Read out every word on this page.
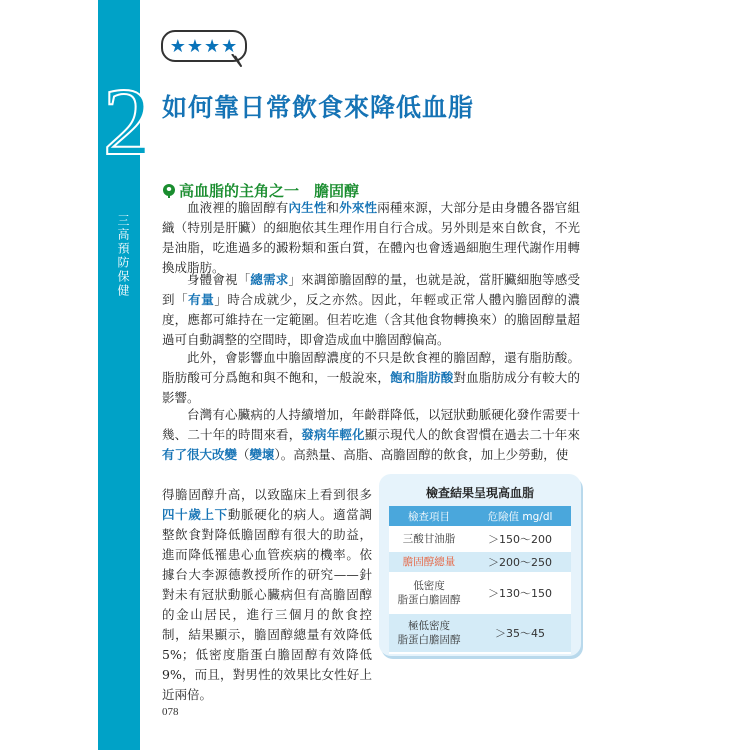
2
三高預防保健
★★★★
如何靠日常飲食來降低血脂
高血脂的主角之一　膽固醇

血液裡的膽固醇有內生性和外來性兩種來源，大部分是由身體各器官組織（特別是肝臟）的細胞依其生理作用自行合成。另外則是來自飲食，不光是油脂，吃進過多的澱粉類和蛋白質，在體內也會透過細胞生理代謝作用轉換成脂肪。

身體會視「總需求」來調節膽固醇的量，也就是說，當肝臟細胞等感受到「有量」時合成就少，反之亦然。因此，年輕或正常人體內膽固醇的濃度，應都可維持在一定範圍。但若吃進（含其他食物轉換來）的膽固醇量超過可自動調整的空間時，即會造成血中膽固醇偏高。

此外，會影響血中膽固醇濃度的不只是飲食裡的膽固醇，還有脂肪酸。脂肪酸可分爲飽和與不飽和，一般說來，飽和脂肪酸對血脂肪成分有較大的影響。

台灣有心臟病的人持續增加，年齡群降低，以冠狀動脈硬化發作需要十幾、二十年的時間來看，發病年輕化顯示現代人的飲食習慣在過去二十年來有了很大改變（變壞）。高熱量、高脂、高膽固醇的飲食，加上少勞動，使

得膽固醇升高，以致臨床上看到很多四十歲上下動脈硬化的病人。適當調整飲食對降低膽固醇有很大的助益，進而降低罹患心血管疾病的機率。依據台大李源德教授所作的研究——針對未有冠狀動脈心臟病但有高膽固醇的金山居民，進行三個月的飲食控制，結果顯示，膽固醇總量有效降低5%；低密度脂蛋白膽固醇有效降低9%，而且，對男性的效果比女性好上近兩倍。

檢查結果呈現高血脂
檢查項目	危險值 mg/dl
三酸甘油脂	＞150～200
膽固醇總量	＞200～250
低密度
脂蛋白膽固醇	＞130～150
極低密度
脂蛋白膽固醇	＞35～45
078
